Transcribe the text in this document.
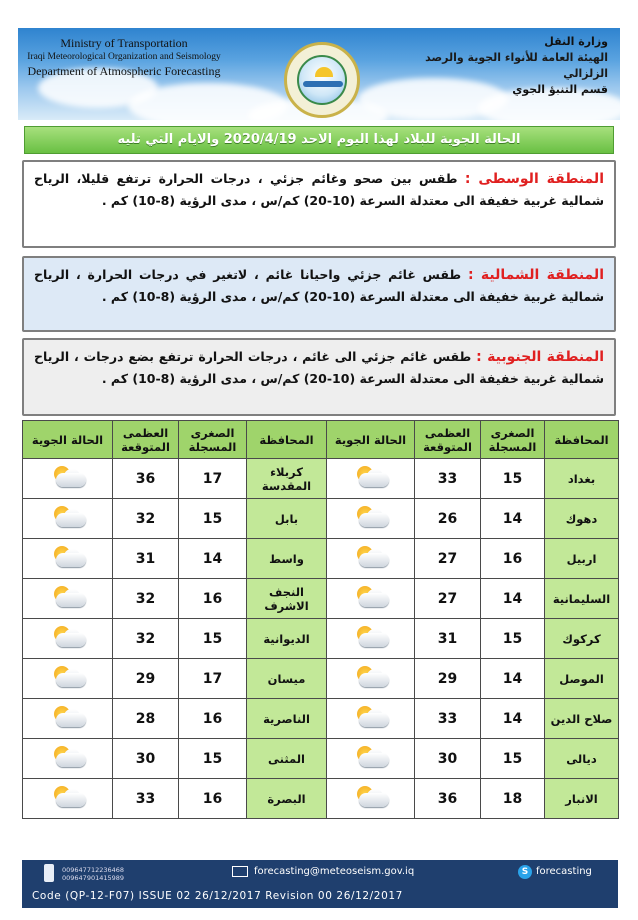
Ministry of Transportation
Iraqi Meteorological Organization and Seismology
Department of Atmospheric Forecasting
وزارة النقل
الهيئة العامة للأنواء الجوية والرصد الزلزالي
قسم التنبؤ الجوي
الحالة الجوية للبلاد لهذا اليوم الاحد 2020/4/19 والايام التي تليه
المنطقة الوسطى : طقس بين صحو وغائم جزئي ، درجات الحرارة ترتفع قليلا، الرياح شمالية غربية خفيفة الى معتدلة السرعة (10-20) كم/س ، مدى الرؤية (8-10) كم .
المنطقة الشمالية : طقس غائم جزئي واحيانا غائم ، لاتغير في درجات الحرارة ، الرياح شمالية غربية خفيفة الى معتدلة السرعة (10-20) كم/س ، مدى الرؤية (8-10) كم .
المنطقة الجنوبية : طقس غائم جزئي الى غائم ، درجات الحرارة ترتفع بضع درجات ، الرياح شمالية غربية خفيفة الى معتدلة السرعة (10-20) كم/س ، مدى الرؤية (8-10) كم .
المحافظة	الصغرى المسجلة	العظمى المتوقعة	الحالة الجوية	المحافظة	الصغرى المسجلة	العظمى المتوقعة	الحالة الجوية
بغداد	15	33		كربلاء المقدسة	17	36	

دهوك	14	26		بابل	15	32	

اربيل	16	27		واسط	14	31	

السليمانية	14	27		النجف الاشرف	16	32	

كركوك	15	31		الديوانية	15	32	

الموصل	14	29		ميسان	17	29	

صلاح الدين	14	33		الناصرية	16	28	

ديالى	15	30		المثنى	15	30	

الانبار	18	36		البصرة	16	33	
009647712236468
009647901415989
forecasting@meteoseism.gov.iq	S forecasting
Code (QP-12-F07) ISSUE 02 26/12/2017 Revision 00 26/12/2017
